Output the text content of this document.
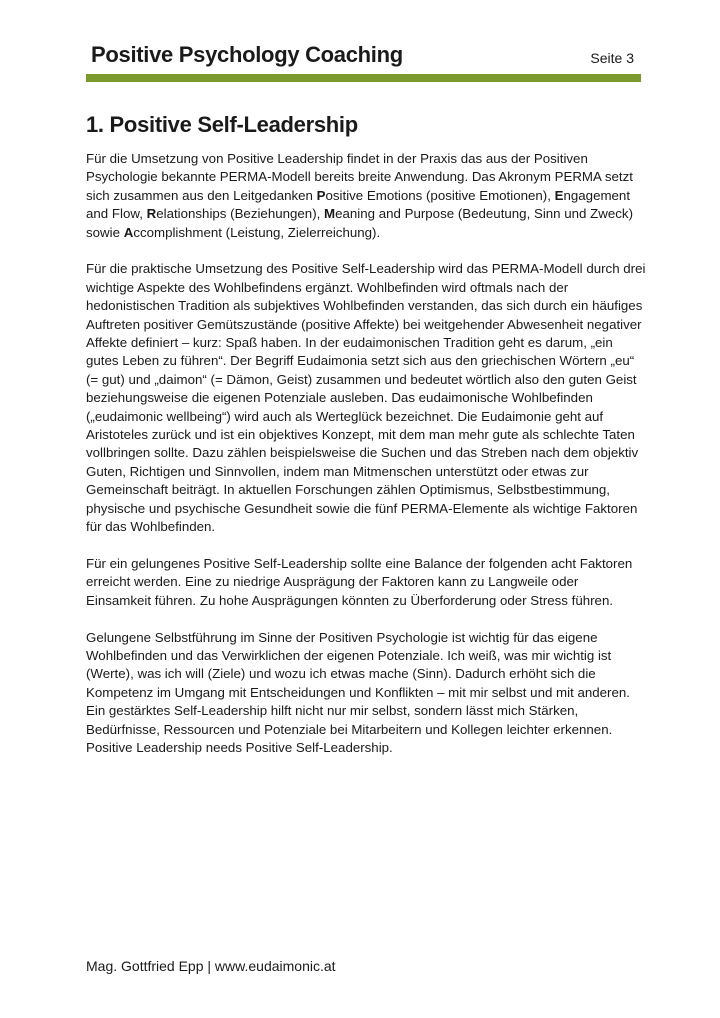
Positive Psychology Coaching	Seite 3
1. Positive Self-Leadership

Für die Umsetzung von Positive Leadership findet in der Praxis das aus der Positiven Psychologie bekannte PERMA-Modell bereits breite Anwendung. Das Akronym PERMA setzt sich zusammen aus den Leitgedanken Positive Emotions (positive Emotionen), Engagement and Flow, Relationships (Beziehungen), Meaning and Purpose (Bedeutung, Sinn und Zweck) sowie Accomplishment (Leistung, Zielerreichung).

Für die praktische Umsetzung des Positive Self-Leadership wird das PERMA-Modell durch drei wichtige Aspekte des Wohlbefindens ergänzt. Wohlbefinden wird oftmals nach der hedonistischen Tradition als subjektives Wohlbefinden verstanden, das sich durch ein häufiges Auftreten positiver Gemütszustände (positive Affekte) bei weitgehender Abwesenheit negativer Affekte definiert – kurz: Spaß haben. In der eudaimonischen Tradition geht es darum, „ein gutes Leben zu führen“. Der Begriff Eudaimonia setzt sich aus den griechischen Wörtern „eu“ (= gut) und „daimon“ (= Dämon, Geist) zusammen und bedeutet wörtlich also den guten Geist beziehungsweise die eigenen Potenziale ausleben. Das eudaimonische Wohlbefinden („eudaimonic wellbeing“) wird auch als Werteglück bezeichnet. Die Eudaimonie geht auf Aristoteles zurück und ist ein objektives Konzept, mit dem man mehr gute als schlechte Taten vollbringen sollte. Dazu zählen beispielsweise die Suchen und das Streben nach dem objektiv Guten, Richtigen und Sinnvollen, indem man Mitmenschen unterstützt oder etwas zur Gemeinschaft beiträgt. In aktuellen Forschungen zählen Optimismus, Selbstbestimmung, physische und psychische Gesundheit sowie die fünf PERMA-Elemente als wichtige Faktoren für das Wohlbefinden.

Für ein gelungenes Positive Self-Leadership sollte eine Balance der folgenden acht Faktoren erreicht werden. Eine zu niedrige Ausprägung der Faktoren kann zu Langweile oder Einsamkeit führen. Zu hohe Ausprägungen könnten zu Überforderung oder Stress führen.

Gelungene Selbstführung im Sinne der Positiven Psychologie ist wichtig für das eigene Wohlbefinden und das Verwirklichen der eigenen Potenziale. Ich weiß, was mir wichtig ist (Werte), was ich will (Ziele) und wozu ich etwas mache (Sinn). Dadurch erhöht sich die Kompetenz im Umgang mit Entscheidungen und Konflikten – mit mir selbst und mit anderen. Ein gestärktes Self-Leadership hilft nicht nur mir selbst, sondern lässt mich Stärken, Bedürfnisse, Ressourcen und Potenziale bei Mitarbeitern und Kollegen leichter erkennen. Positive Leadership needs Positive Self-Leadership.

Mag. Gottfried Epp | www.eudaimonic.at
